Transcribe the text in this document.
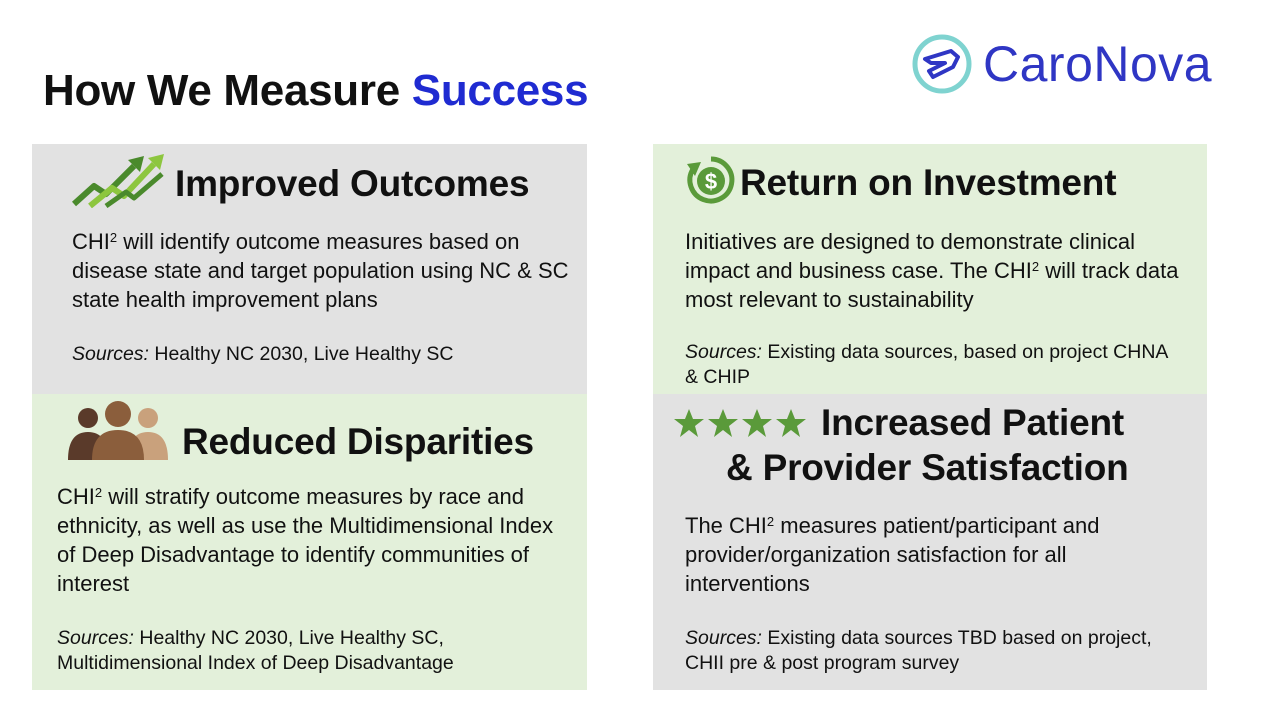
How We Measure Success	CaroNova
Improved Outcomes
CHI$^2$ will identify outcome measures based on disease state and target population using NC & SC state health improvement plans
Sources: Healthy NC 2030, Live Healthy SC
$ Return on Investment
Initiatives are designed to demonstrate clinical impact and business case. The CHI$^2$ will track data most relevant to sustainability
Sources: Existing data sources, based on project CHNA & CHIP
Reduced Disparities
CHI$^2$ will stratify outcome measures by race and ethnicity, as well as use the Multidimensional Index of Deep Disadvantage to identify communities of interest
Sources: Healthy NC 2030, Live Healthy SC, Multidimensional Index of Deep Disadvantage
Increased Patient
& Provider Satisfaction
The CHI$^2$ measures patient/participant and provider/organization satisfaction for all interventions
Sources: Existing data sources TBD based on project, CHII pre & post program survey
